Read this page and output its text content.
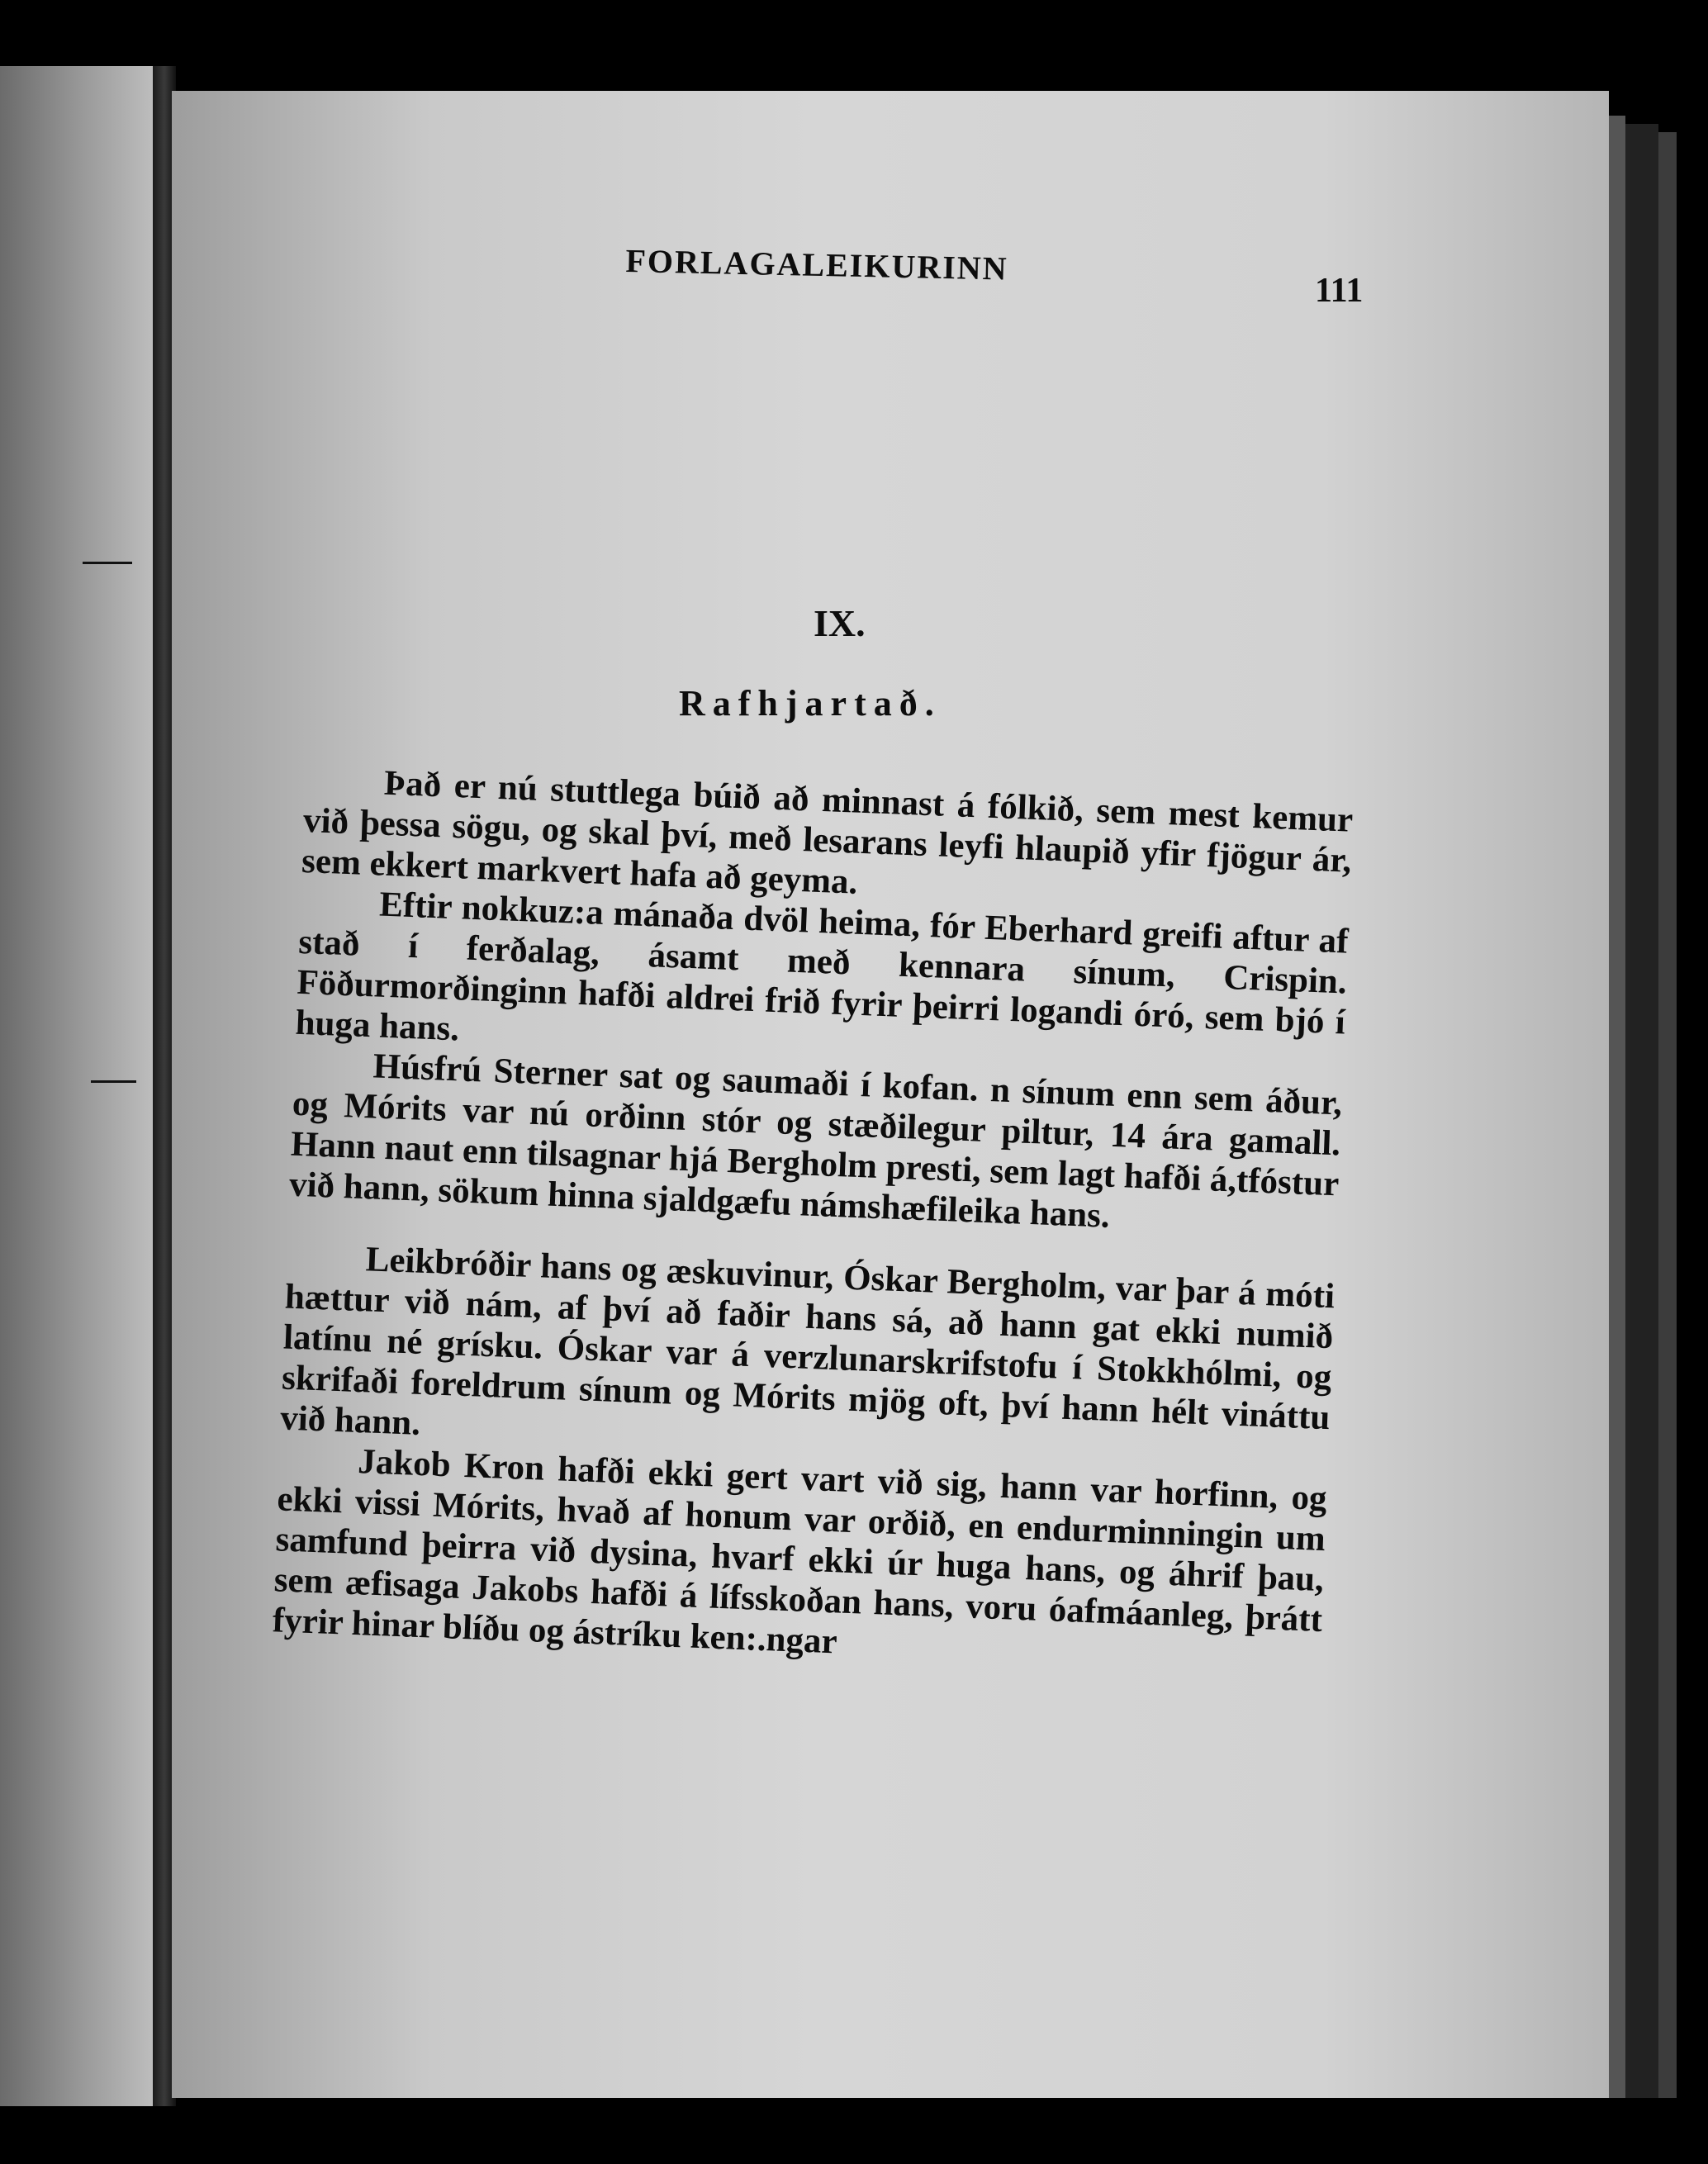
FORLAGALEIKURINN
111
IX.
Rafhjartað.

Það er nú stuttlega búið að minnast á fólkið, sem mest kemur við þessa sögu, og skal því, með lesarans leyfi hlaupið yfir fjögur ár, sem ekkert markvert hafa að geyma.

Eftir nokkuz:a mánaða dvöl heima, fór Eberhard greifi aftur af stað í ferðalag, ásamt með kennara sínum, Crispin. Föðurmorðinginn hafði aldrei frið fyrir þeirri logandi óró, sem bjó í huga hans.

Húsfrú Sterner sat og saumaði í kofan. n sínum enn sem áður, og Mórits var nú orðinn stór og stæðilegur piltur, 14 ára gamall. Hann naut enn tilsagnar hjá Bergholm presti, sem lagt hafði á,tfóstur við hann, sökum hinna sjaldgæfu námshæfileika hans.

Leikbróðir hans og æskuvinur, Óskar Bergholm, var þar á móti hættur við nám, af því að faðir hans sá, að hann gat ekki numið latínu né grísku. Óskar var á verzlunarskrifstofu í Stokkhólmi, og skrifaði foreldrum sínum og Mórits mjög oft, því hann hélt vináttu við hann.

Jakob Kron hafði ekki gert vart við sig, hann var horfinn, og ekki vissi Mórits, hvað af honum var orðið, en endurminningin um samfund þeirra við dysina, hvarf ekki úr huga hans, og áhrif þau, sem æfisaga Jakobs hafði á lífsskoðan hans, voru óafmáanleg, þrátt fyrir hinar blíðu og ástríku ken:.ngar
